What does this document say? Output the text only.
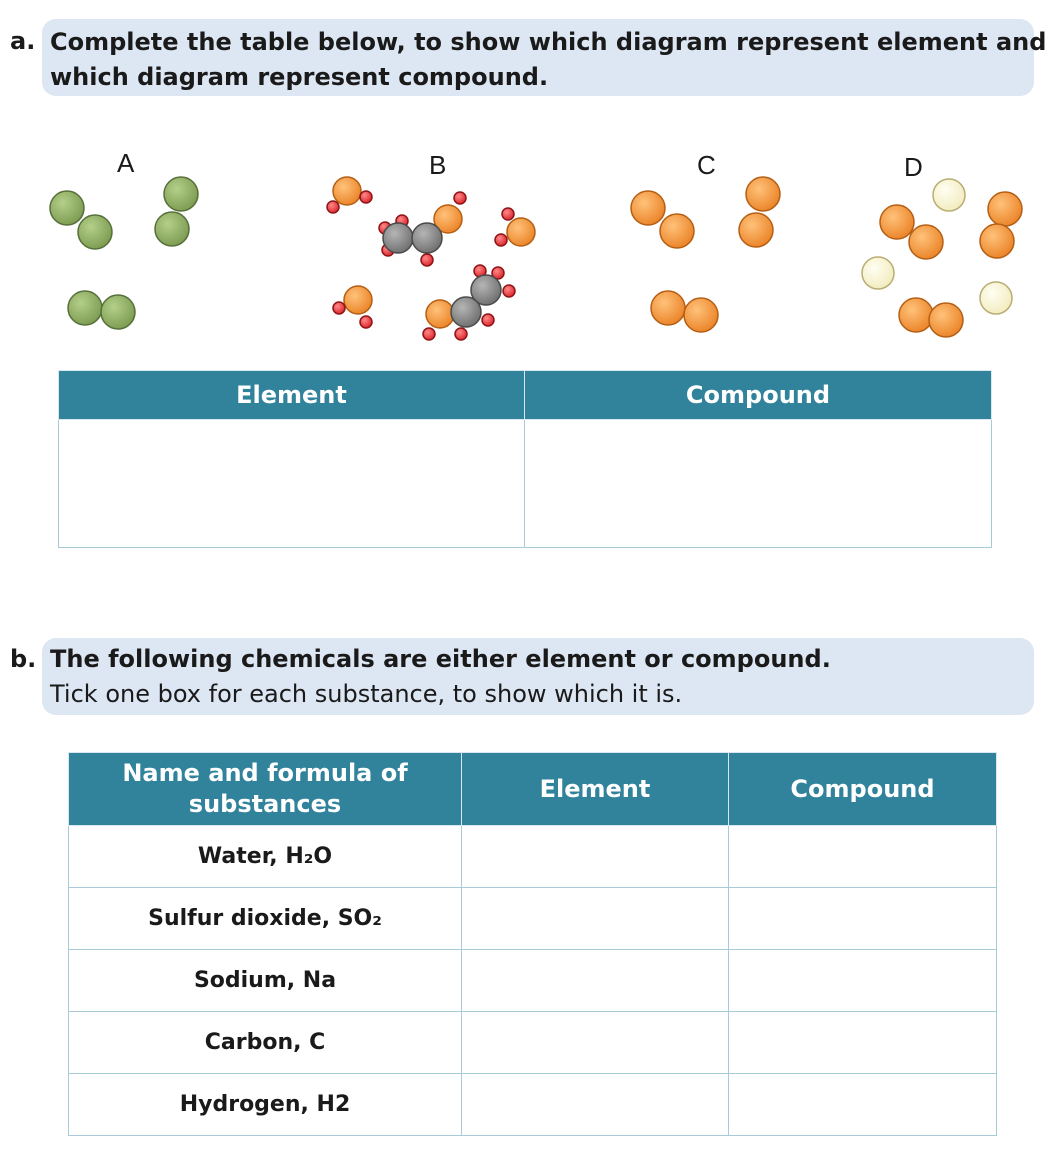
a. Complete the table below, to show which diagram represent element and
which diagram represent compound.
A	B	C	D
Element	Compound

b. The following chemicals are either element or compound.
Tick one box for each substance, to show which it is.
Name and formula of substances	Element	Compound
Water, H₂O		
Sulfur dioxide, SO₂		
Sodium, Na		
Carbon, C		
Hydrogen, H2		
